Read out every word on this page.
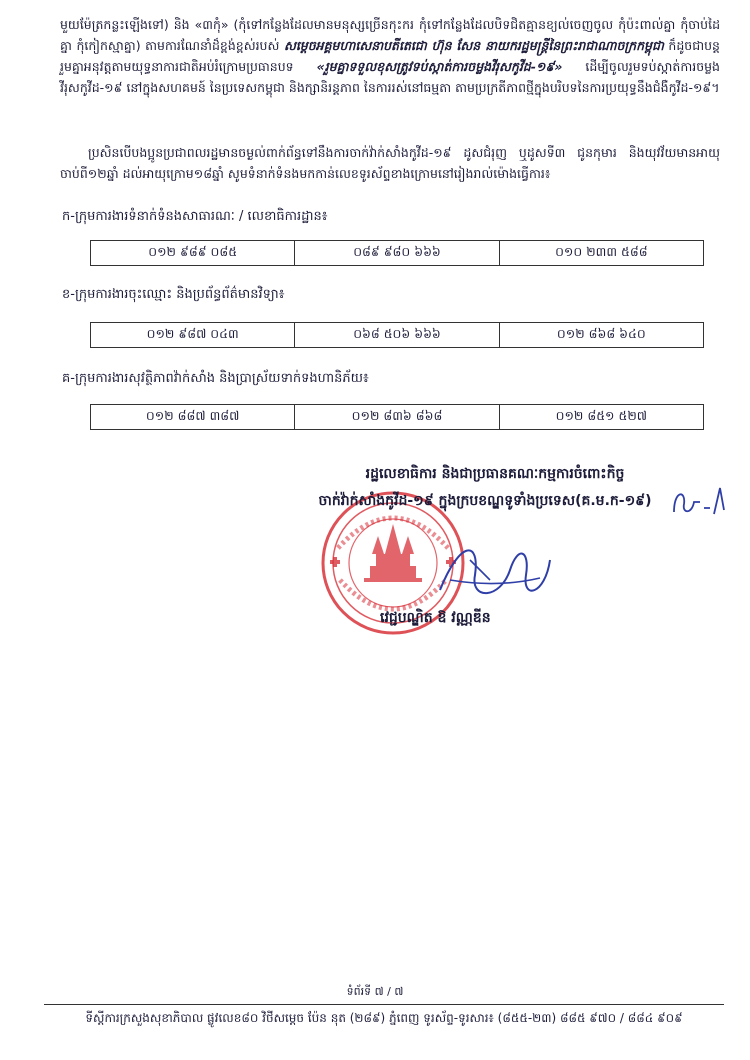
មួយម៉ែត្រកន្លះឡើងទៅ) និង «៣កុំ» (កុំទៅកន្លែងដែលមានមនុស្សច្រើនកុះករ កុំទៅកន្លែងដែលបិទជិតគ្មានខ្យល់ចេញចូល កុំប៉ះពាល់គ្នា កុំចាប់ដៃគ្នា កុំកៀកស្មាគ្នា) តាមការណែនាំដ៏ខ្ពង់ខ្ពស់របស់ សម្តេចអគ្គមហាសេនាបតីតេជោ ហ៊ុន សែន នាយករដ្ឋមន្ត្រីនៃព្រះរាជាណាចក្រកម្ពុជា ក៏ដូចជាបន្តរួមគ្នាអនុវត្តតាមយុទ្ធនាការជាតិអប់រំក្រោមប្រធានបទ «រួមគ្នាទទួលខុសត្រូវទប់ស្កាត់ការចម្លងវីរុសកូវីដ-១៩» ដើម្បីចូលរួមទប់ស្កាត់ការចម្លងវីរុសកូវីដ-១៩ នៅក្នុងសហគមន៍ នៃប្រទេសកម្ពុជា និងក្សានិរន្តភាព នៃការរស់នៅធម្មតា តាមប្រក្រតីភាពថ្មីក្នុងបរិបទនៃការប្រយុទ្ធនឹងជំងឺកូវីដ-១៩។

ប្រសិនបើបងប្អូនប្រជាពលរដ្ឋមានចម្ងល់ពាក់ព័ន្ធទៅនឹងការចាក់វ៉ាក់សាំងកូវីដ-១៩ ដូសជំរុញ ឬដូសទី៣ ជូនកុមារ និងយុវវ័យមានអាយុចាប់ពី១២ឆ្នាំ ដល់អាយុក្រោម១៨ឆ្នាំ សូមទំនាក់ទំនងមកកាន់លេខទូរស័ព្ទខាងក្រោមនៅរៀងរាល់ម៉ោងធ្វើការ៖

ក-ក្រុមការងារទំនាក់ទំនងសាធារណៈ / លេខាធិការដ្ឋាន៖
០១២ ៩៨៩ ០៨៥	០៨៩ ៩៨០ ៦៦៦	០១០ ២៣៣ ៥៨៨
ខ-ក្រុមការងារចុះឈ្មោះ និងប្រព័ន្ធព័ត៌មានវិទ្យា៖
០១២ ៩៨៧ ០៤៣	០៦៨ ៥០៦ ៦៦៦	០១២ ៨៦៨ ៦៤០
គ-ក្រុមការងារសុវត្ថិភាពវ៉ាក់សាំង និងប្រាស្រ័យទាក់ទងហានិភ័យ៖
០១២ ៨៨៧ ៣៨៧	០១២ ៨៣៦ ៨៦៨	០១២ ៨៥១ ៥២៧
រដ្ឋលេខាធិការ និងជាប្រធានគណៈកម្មការចំពោះកិច្ច
ចាក់វ៉ាក់សាំងកូវីដ-១៩ ក្នុងក្របខណ្ឌទូទាំងប្រទេស(គ.ម.ក-១៩)
វេជ្ជបណ្ឌិត ឱ វណ្ណឌីន
ទំព័រទី ៧ / ៧
ទីស្តីការក្រសួងសុខាភិបាល ផ្លូវលេខ៨០ វិថីសម្តេច ប៉ែន នុត (២៨៩) ភ្នំពេញ ទូរស័ព្ទ-ទូរសារ៖ (៨៥៥-២៣) ៨៨៥ ៩៧០ / ៨៨៤ ៩០៩
